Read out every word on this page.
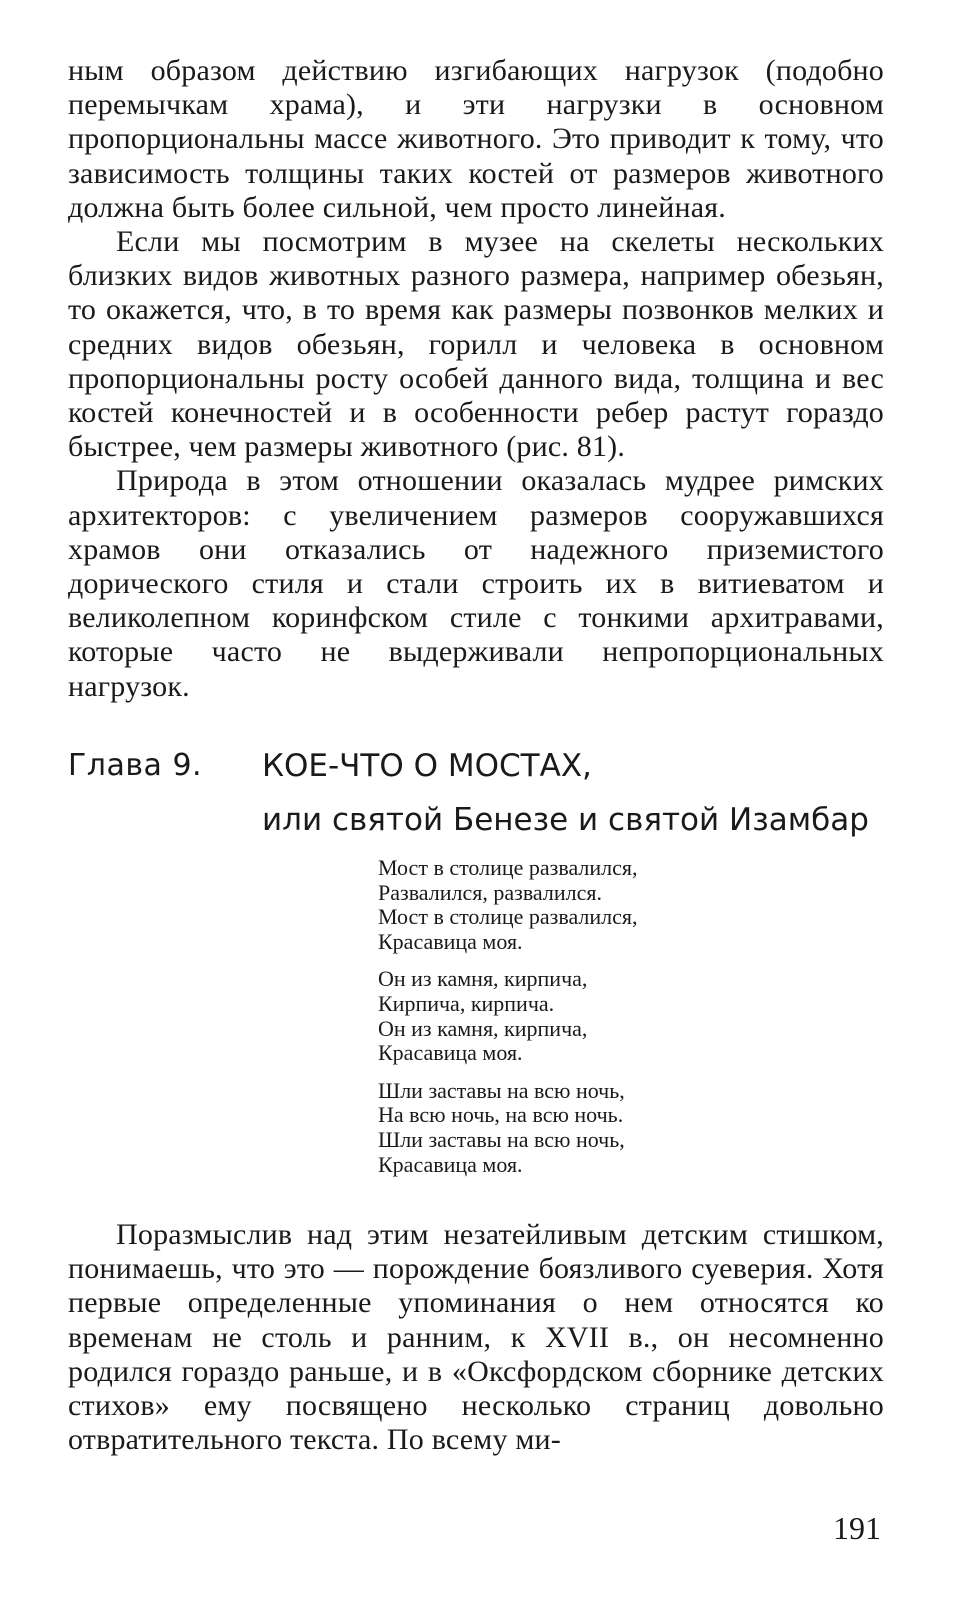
ным образом действию изгибающих нагрузок (подобно перемычкам храма), и эти нагрузки в основном пропорциональны массе животного. Это приводит к тому, что зависимость толщины таких костей от размеров животного должна быть более сильной, чем просто линейная.

Если мы посмотрим в музее на скелеты нескольких близких видов животных разного размера, например обезьян, то окажется, что, в то время как размеры позвонков мелких и средних видов обезьян, горилл и человека в основном пропорциональны росту особей данного вида, толщина и вес костей конечностей и в особенности ребер растут гораздо быстрее, чем размеры животного (рис. 81).

Природа в этом отношении оказалась мудрее римских архитекторов: с увеличением размеров сооружавшихся храмов они отказались от надежного приземистого дорического стиля и стали строить их в витиеватом и великолепном коринфском стиле с тонкими архитравами, которые часто не выдерживали непропорциональных нагрузок.

Глава 9. КОЕ-ЧТО О МОСТАХ,
или святой Бенезе и святой Изамбар
Мост в столице развалился,
Развалился, развалился.
Мост в столице развалился,
Красавица моя.
Он из камня, кирпича,
Кирпича, кирпича.
Он из камня, кирпича,
Красавица моя.
Шли заставы на всю ночь,
На всю ночь, на всю ночь.
Шли заставы на всю ночь,
Красавица моя.

Поразмыслив над этим незатейливым детским стишком, понимаешь, что это — порождение боязливого суеверия. Хотя первые определенные упоминания о нем относятся ко временам не столь и ранним, к XVII в., он несомненно родился гораздо раньше, и в «Оксфордском сборнике детских стихов» ему посвящено несколько страниц довольно отвратительного текста. По всему ми-

191
